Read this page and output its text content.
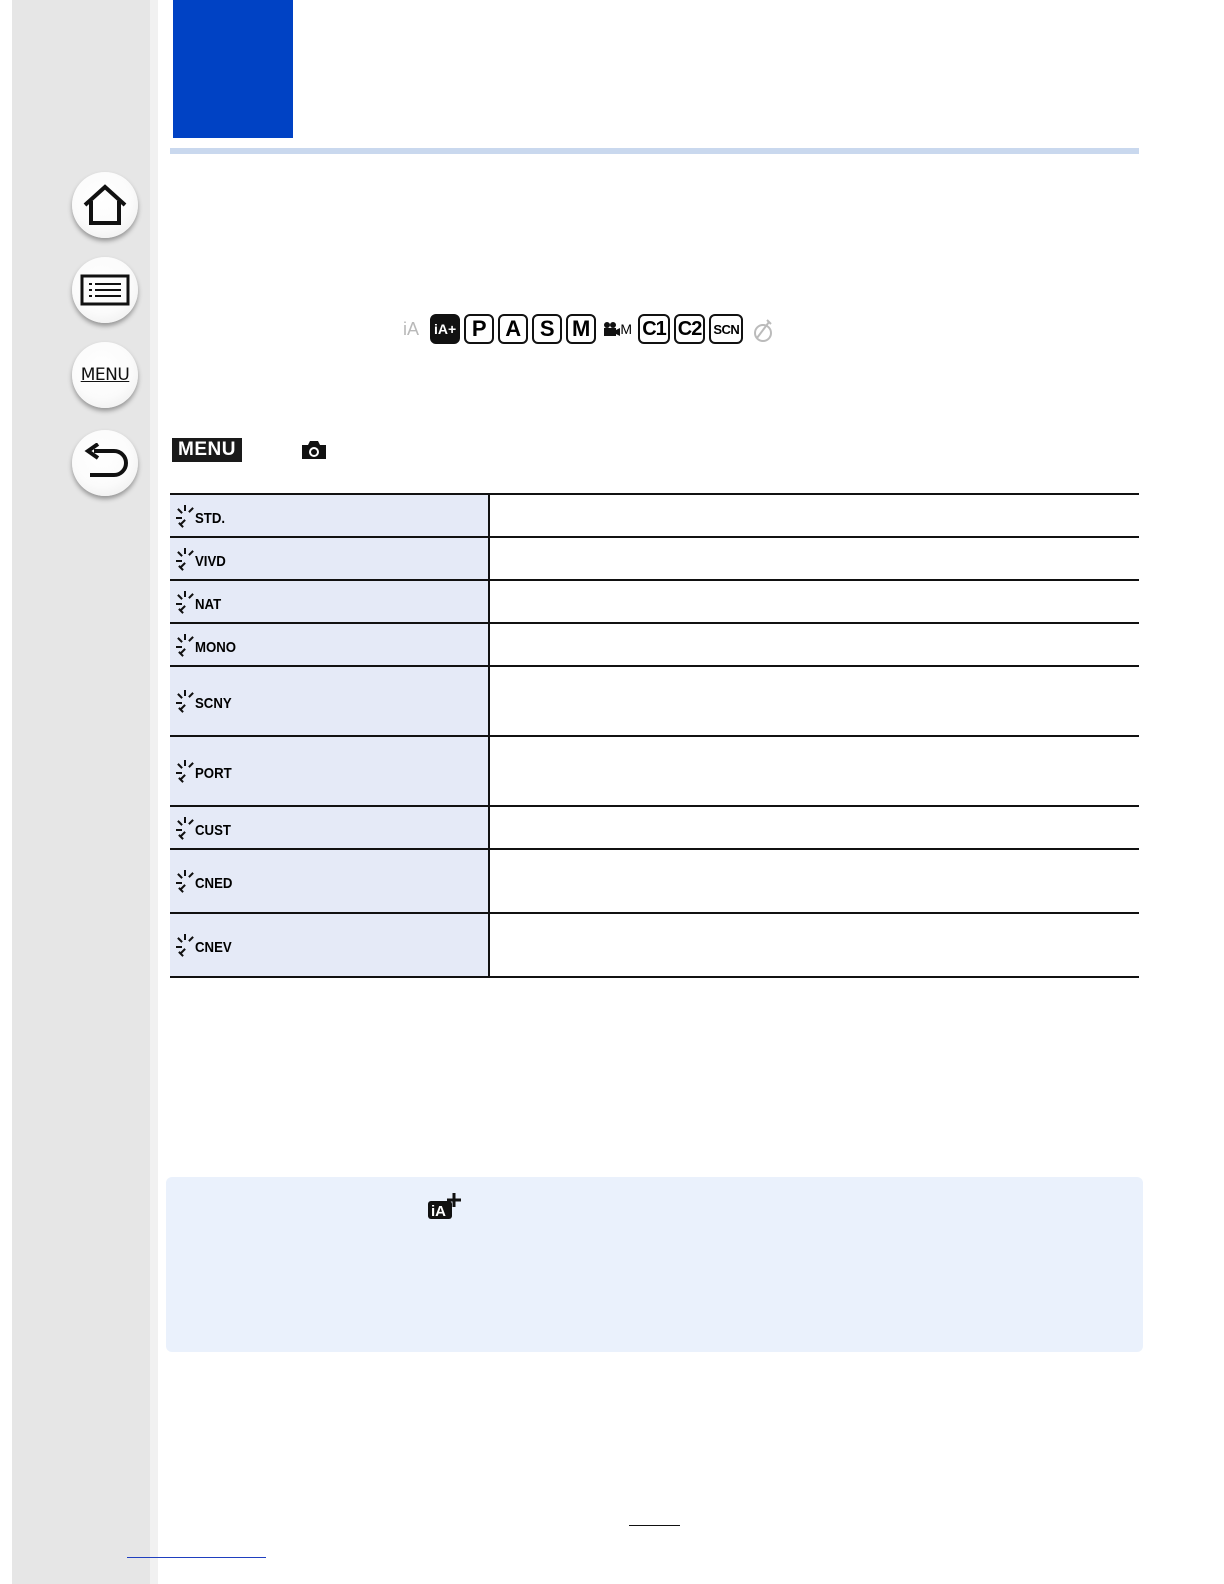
MENU
iA iA+ P A S M M C1 C2 SCN
MENU
STD.	

VIVD	

NAT	

MONO	

SCNY	

PORT	

CUST	

CNED	

CNEV	

iA
